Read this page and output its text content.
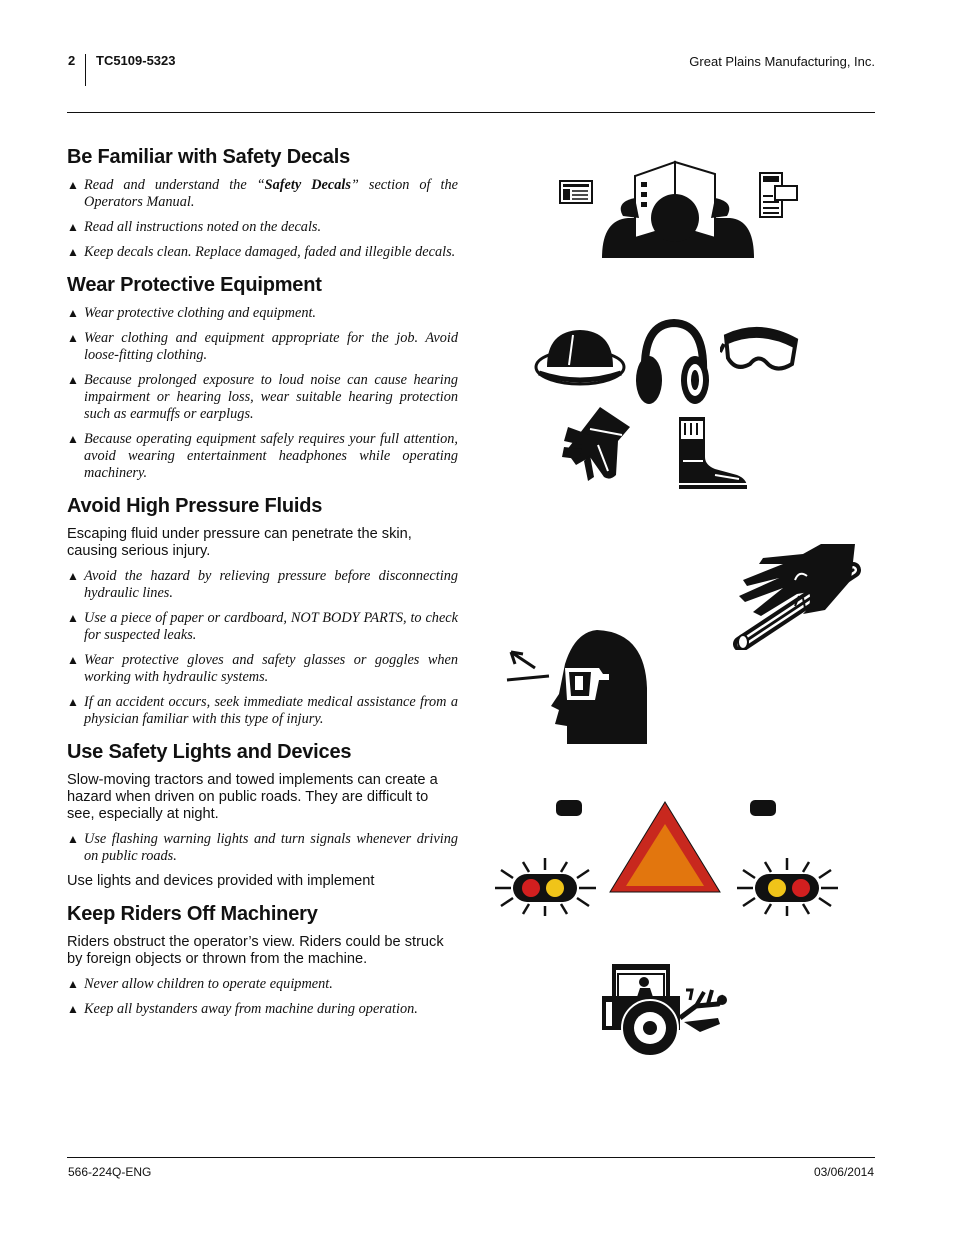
2 TC5109-5323	Great Plains Manufacturing, Inc.
Be Familiar with Safety Decals
▲ Read and understand the “Safety Decals” section of the Operators Manual.
▲ Read all instructions noted on the decals.
▲ Keep decals clean. Replace damaged, faded and illegible decals.
Wear Protective Equipment
▲ Wear protective clothing and equipment.
▲ Wear clothing and equipment appropriate for the job. Avoid loose-fitting clothing.
▲ Because prolonged exposure to loud noise can cause hearing impairment or hearing loss, wear suitable hearing protection such as earmuffs or earplugs.
▲ Because operating equipment safely requires your full attention, avoid wearing entertainment headphones while operating machinery.
Avoid High Pressure Fluids
Escaping fluid under pressure can penetrate the skin, causing serious injury.
▲ Avoid the hazard by relieving pressure before disconnecting hydraulic lines.
▲ Use a piece of paper or cardboard, NOT BODY PARTS, to check for suspected leaks.
▲ Wear protective gloves and safety glasses or goggles when working with hydraulic systems.
▲ If an accident occurs, seek immediate medical assistance from a physician familiar with this type of injury.
Use Safety Lights and Devices
Slow-moving tractors and towed implements can create a hazard when driven on public roads. They are difficult to see, especially at night.
▲ Use flashing warning lights and turn signals whenever driving on public roads.
Use lights and devices provided with implement
Keep Riders Off Machinery
Riders obstruct the operator’s view. Riders could be struck by foreign objects or thrown from the machine.
▲ Never allow children to operate equipment.
▲ Keep all bystanders away from machine during operation.
566-224Q-ENG	03/06/2014
